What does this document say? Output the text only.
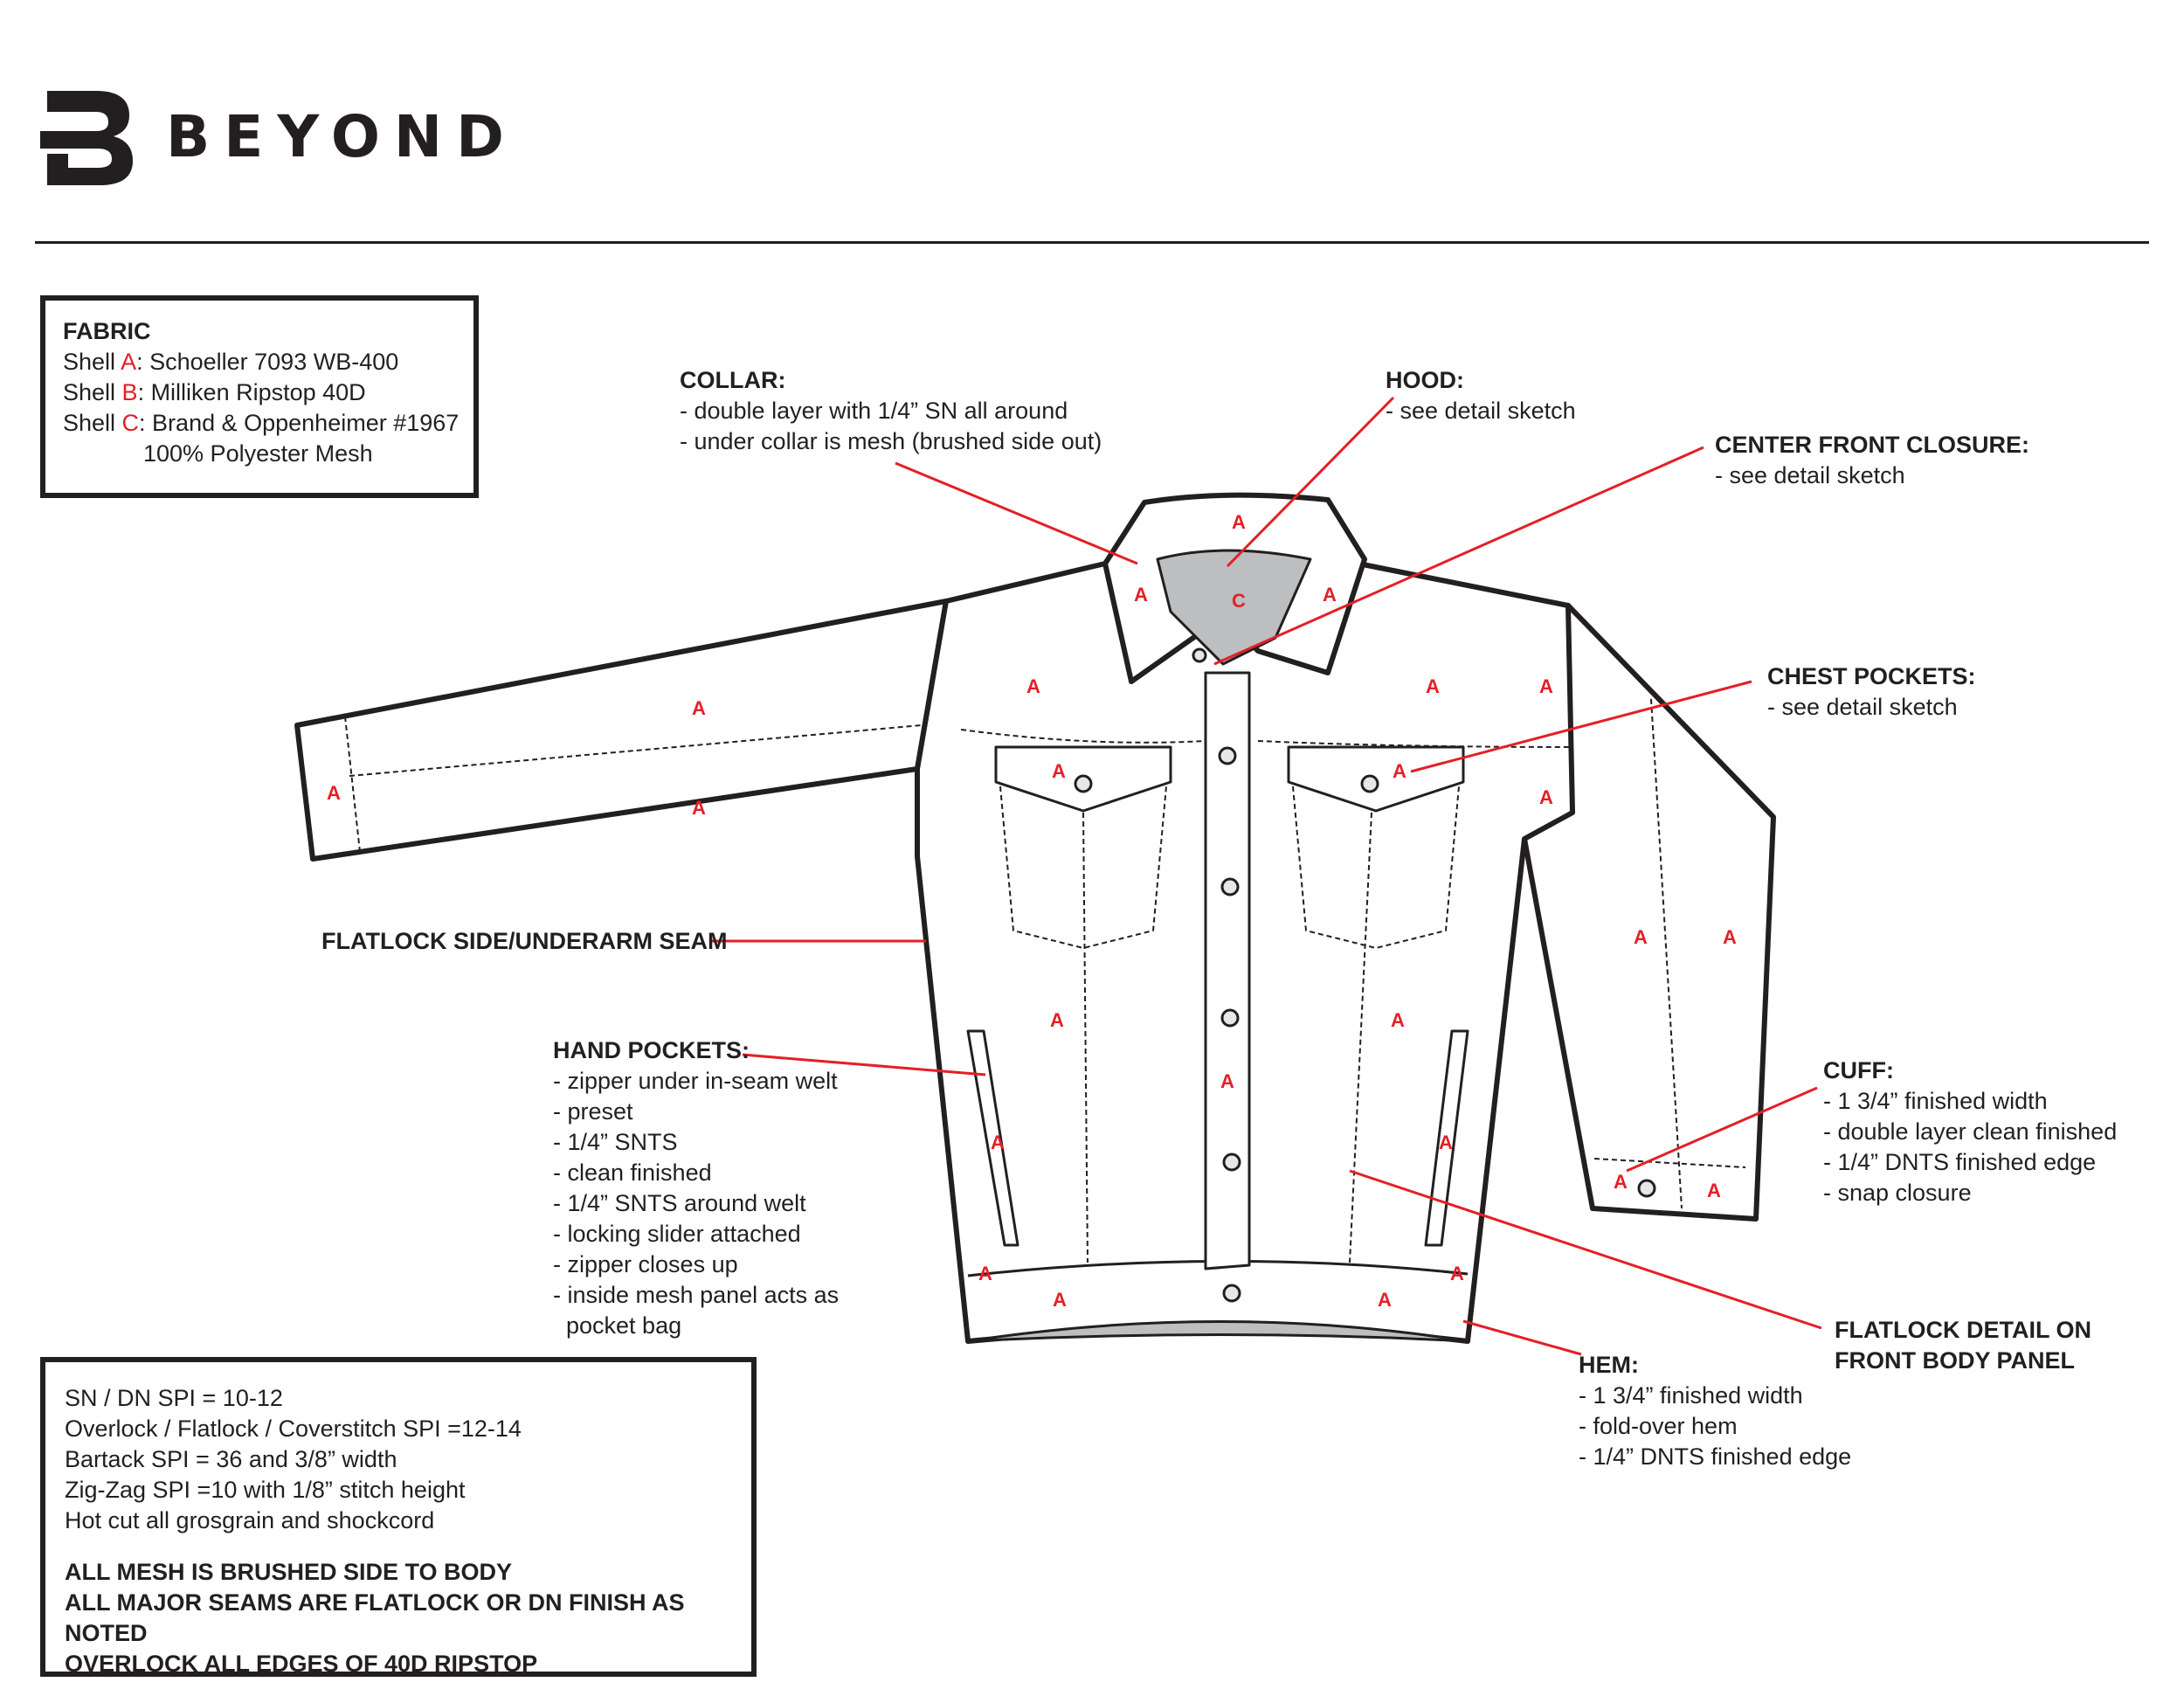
BEYOND

FABRIC

Shell A: Schoeller 7093 WB-400

Shell B: Milliken Ripstop 40D

Shell C: Brand & Oppenheimer #1967

100% Polyester Mesh

SN / DN SPI = 10-12

Overlock / Flatlock / Coverstitch SPI =12-14

Bartack SPI = 36 and 3/8” width

Zig-Zag SPI =10 with 1/8” stitch height

Hot cut all grosgrain and shockcord

ALL MESH IS BRUSHED SIDE TO BODY

ALL MAJOR SEAMS ARE FLATLOCK OR DN FINISH AS NOTED

OVERLOCK ALL EDGES OF 40D RIPSTOP

A
C
A	A
A
A
A
A	A	A
A	A
A
A	A
A
A	A
A	A
A	A
A	A
A	A
COLLAR:
- double layer with 1/4” SN all around
- under collar is mesh (brushed side out)
HOOD:
- see detail sketch
CENTER FRONT CLOSURE:
- see detail sketch
CHEST POCKETS:
- see detail sketch
FLATLOCK SIDE/UNDERARM SEAM
HAND POCKETS:
- zipper under in-seam welt
- preset
- 1/4” SNTS
- clean finished
- 1/4” SNTS around welt
- locking slider attached
- zipper closes up
- inside mesh panel acts as
pocket bag
CUFF:
- 1 3/4” finished width
- double layer clean finished
- 1/4” DNTS finished edge
- snap closure
FLATLOCK DETAIL ON
FRONT BODY PANEL
HEM:
- 1 3/4” finished width
- fold-over hem
- 1/4” DNTS finished edge
